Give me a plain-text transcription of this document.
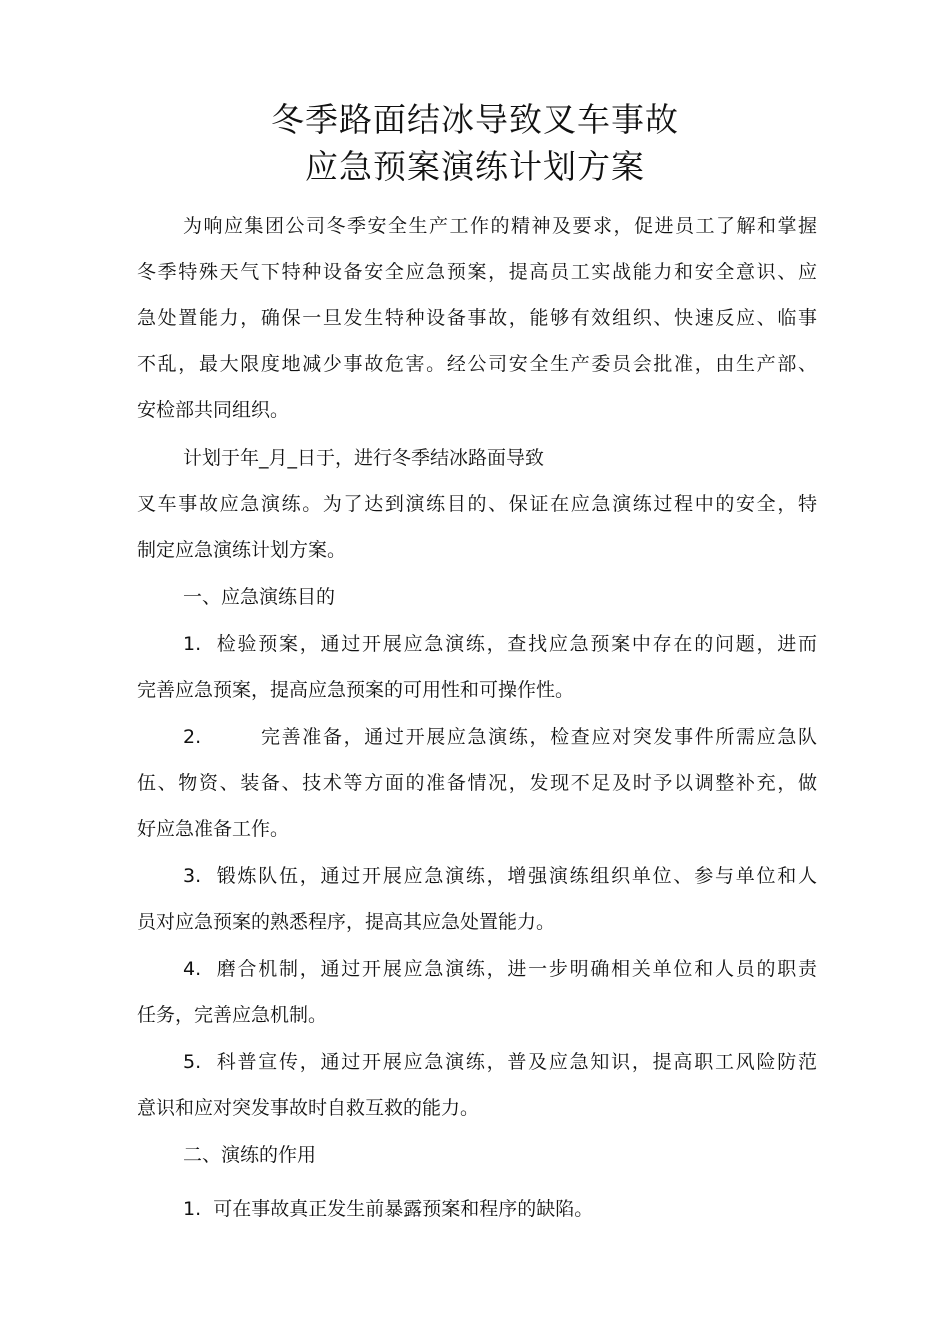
冬季路面结冰导致叉车事故
应急预案演练计划方案
为响应集团公司冬季安全生产工作的精神及要求，促进员工了解和掌握
冬季特殊天气下特种设备安全应急预案，提高员工实战能力和安全意识、应
急处置能力，确保一旦发生特种设备事故，能够有效组织、快速反应、临事
不乱，最大限度地减少事故危害。经公司安全生产委员会批准，由生产部、
安检部共同组织。
计划于年_月_日于，进行冬季结冰路面导致
叉车事故应急演练。为了达到演练目的、保证在应急演练过程中的安全，特
制定应急演练计划方案。
一、应急演练目的
1. 检验预案，通过开展应急演练，查找应急预案中存在的问题，进而
完善应急预案，提高应急预案的可用性和可操作性。
2.	完善准备，通过开展应急演练，检查应对突发事件所需应急队
伍、物资、装备、技术等方面的准备情况，发现不足及时予以调整补充，做
好应急准备工作。
3. 锻炼队伍，通过开展应急演练，增强演练组织单位、参与单位和人
员对应急预案的熟悉程序，提高其应急处置能力。
4. 磨合机制，通过开展应急演练，进一步明确相关单位和人员的职责
任务，完善应急机制。
5. 科普宣传，通过开展应急演练，普及应急知识，提高职工风险防范
意识和应对突发事故时自救互救的能力。
二、演练的作用
1. 可在事故真正发生前暴露预案和程序的缺陷。
